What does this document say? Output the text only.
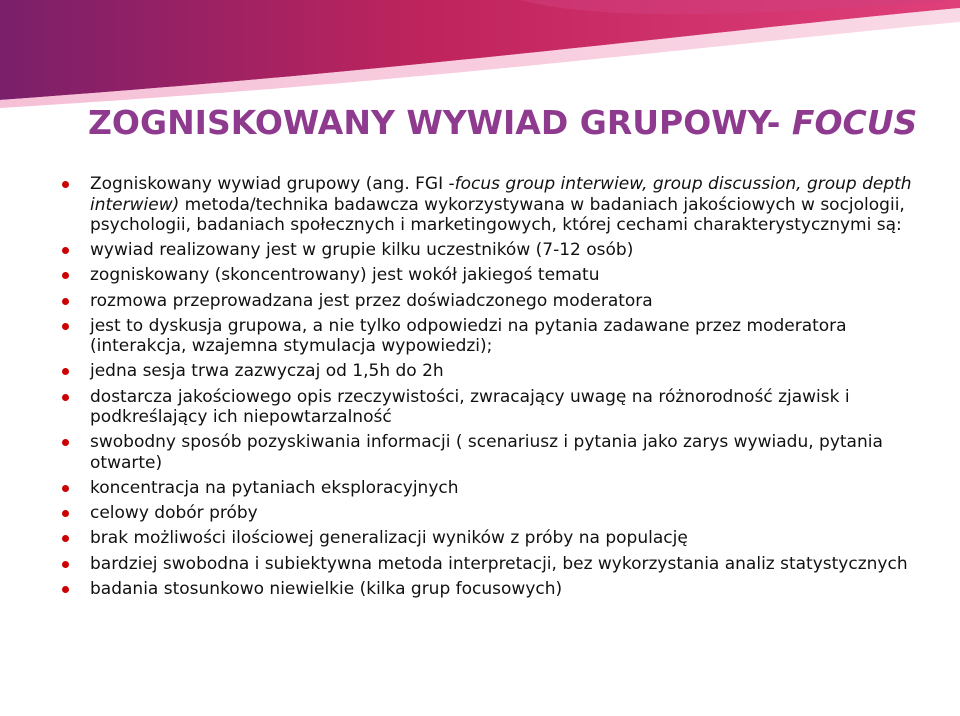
ZOGNISKOWANY WYWIAD GRUPOWY- FOCUS
Zogniskowany wywiad grupowy (ang. FGI -focus group interwiew, group discussion, group depth interwiew) metoda/technika badawcza wykorzystywana w badaniach jakościowych w socjologii, psychologii, badaniach społecznych i marketingowych, której cechami charakterystycznymi są:
wywiad realizowany jest w grupie kilku uczestników (7-12 osób)
zogniskowany (skoncentrowany) jest wokół jakiegoś tematu
rozmowa przeprowadzana jest przez doświadczonego moderatora
jest to dyskusja grupowa, a nie tylko odpowiedzi na pytania zadawane przez moderatora (interakcja, wzajemna stymulacja wypowiedzi);
jedna sesja trwa zazwyczaj od 1,5h do 2h
dostarcza jakościowego opis rzeczywistości, zwracający uwagę na różnorodność zjawisk i podkreślający ich niepowtarzalność
swobodny sposób pozyskiwania informacji ( scenariusz i pytania jako zarys wywiadu, pytania otwarte)
koncentracja na pytaniach eksploracyjnych
celowy dobór próby
brak możliwości ilościowej generalizacji wyników z próby na populację
bardziej swobodna i subiektywna metoda interpretacji, bez wykorzystania analiz statystycznych
badania stosunkowo niewielkie (kilka grup focusowych)
